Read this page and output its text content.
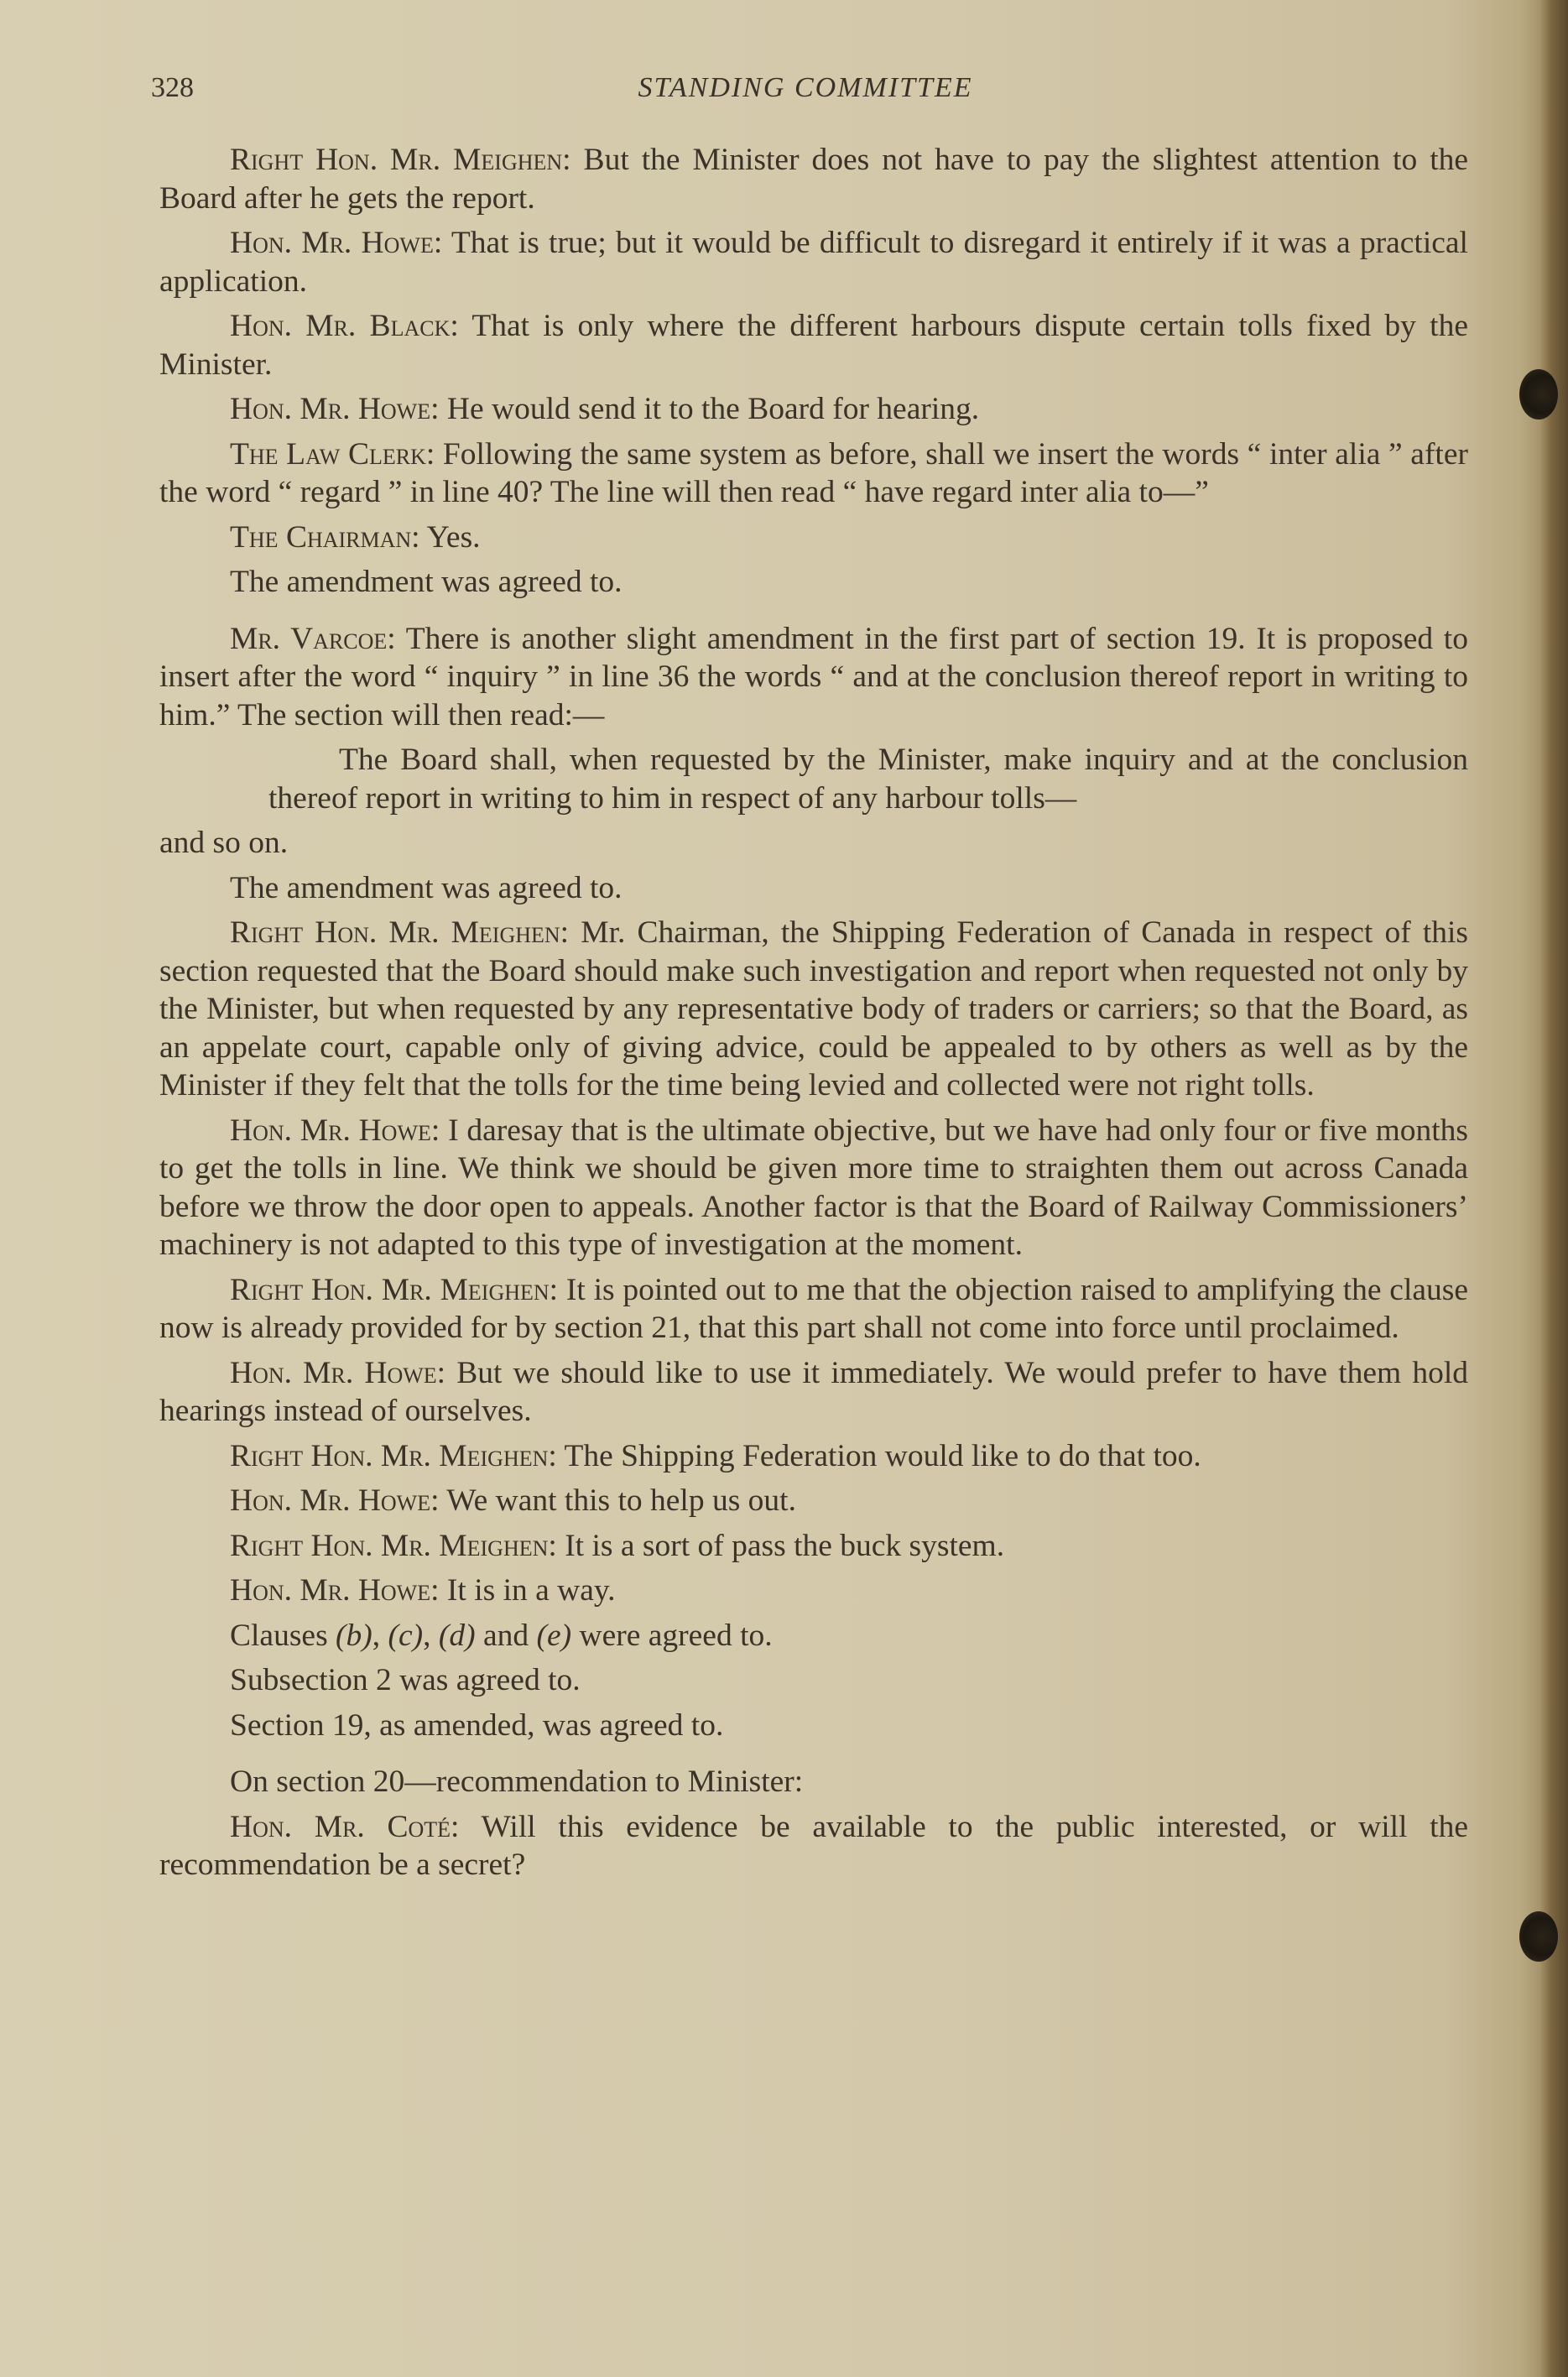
328	STANDING COMMITTEE

Right Hon. Mr. Meighen: But the Minister does not have to pay the slightest attention to the Board after he gets the report.

Hon. Mr. Howe: That is true; but it would be difficult to disregard it entirely if it was a practical application.

Hon. Mr. Black: That is only where the different harbours dispute certain tolls fixed by the Minister.

Hon. Mr. Howe: He would send it to the Board for hearing.

The Law Clerk: Following the same system as before, shall we insert the words “ inter alia ” after the word “ regard ” in line 40? The line will then read “ have regard inter alia to—”

The Chairman: Yes.

The amendment was agreed to.

Mr. Varcoe: There is another slight amendment in the first part of section 19. It is proposed to insert after the word “ inquiry ” in line 36 the words “ and at the conclusion thereof report in writing to him.” The section will then read:—

The Board shall, when requested by the Minister, make inquiry and at the conclusion thereof report in writing to him in respect of any harbour tolls—

and so on.

The amendment was agreed to.

Right Hon. Mr. Meighen: Mr. Chairman, the Shipping Federation of Canada in respect of this section requested that the Board should make such investigation and report when requested not only by the Minister, but when requested by any representative body of traders or carriers; so that the Board, as an appelate court, capable only of giving advice, could be appealed to by others as well as by the Minister if they felt that the tolls for the time being levied and collected were not right tolls.

Hon. Mr. Howe: I daresay that is the ultimate objective, but we have had only four or five months to get the tolls in line. We think we should be given more time to straighten them out across Canada before we throw the door open to appeals. Another factor is that the Board of Railway Commissioners’ machinery is not adapted to this type of investigation at the moment.

Right Hon. Mr. Meighen: It is pointed out to me that the objection raised to amplifying the clause now is already provided for by section 21, that this part shall not come into force until proclaimed.

Hon. Mr. Howe: But we should like to use it immediately. We would prefer to have them hold hearings instead of ourselves.

Right Hon. Mr. Meighen: The Shipping Federation would like to do that too.

Hon. Mr. Howe: We want this to help us out.

Right Hon. Mr. Meighen: It is a sort of pass the buck system.

Hon. Mr. Howe: It is in a way.

Clauses (b), (c), (d) and (e) were agreed to.

Subsection 2 was agreed to.

Section 19, as amended, was agreed to.

On section 20—recommendation to Minister:

Hon. Mr. Coté: Will this evidence be available to the public interested, or will the recommendation be a secret?
